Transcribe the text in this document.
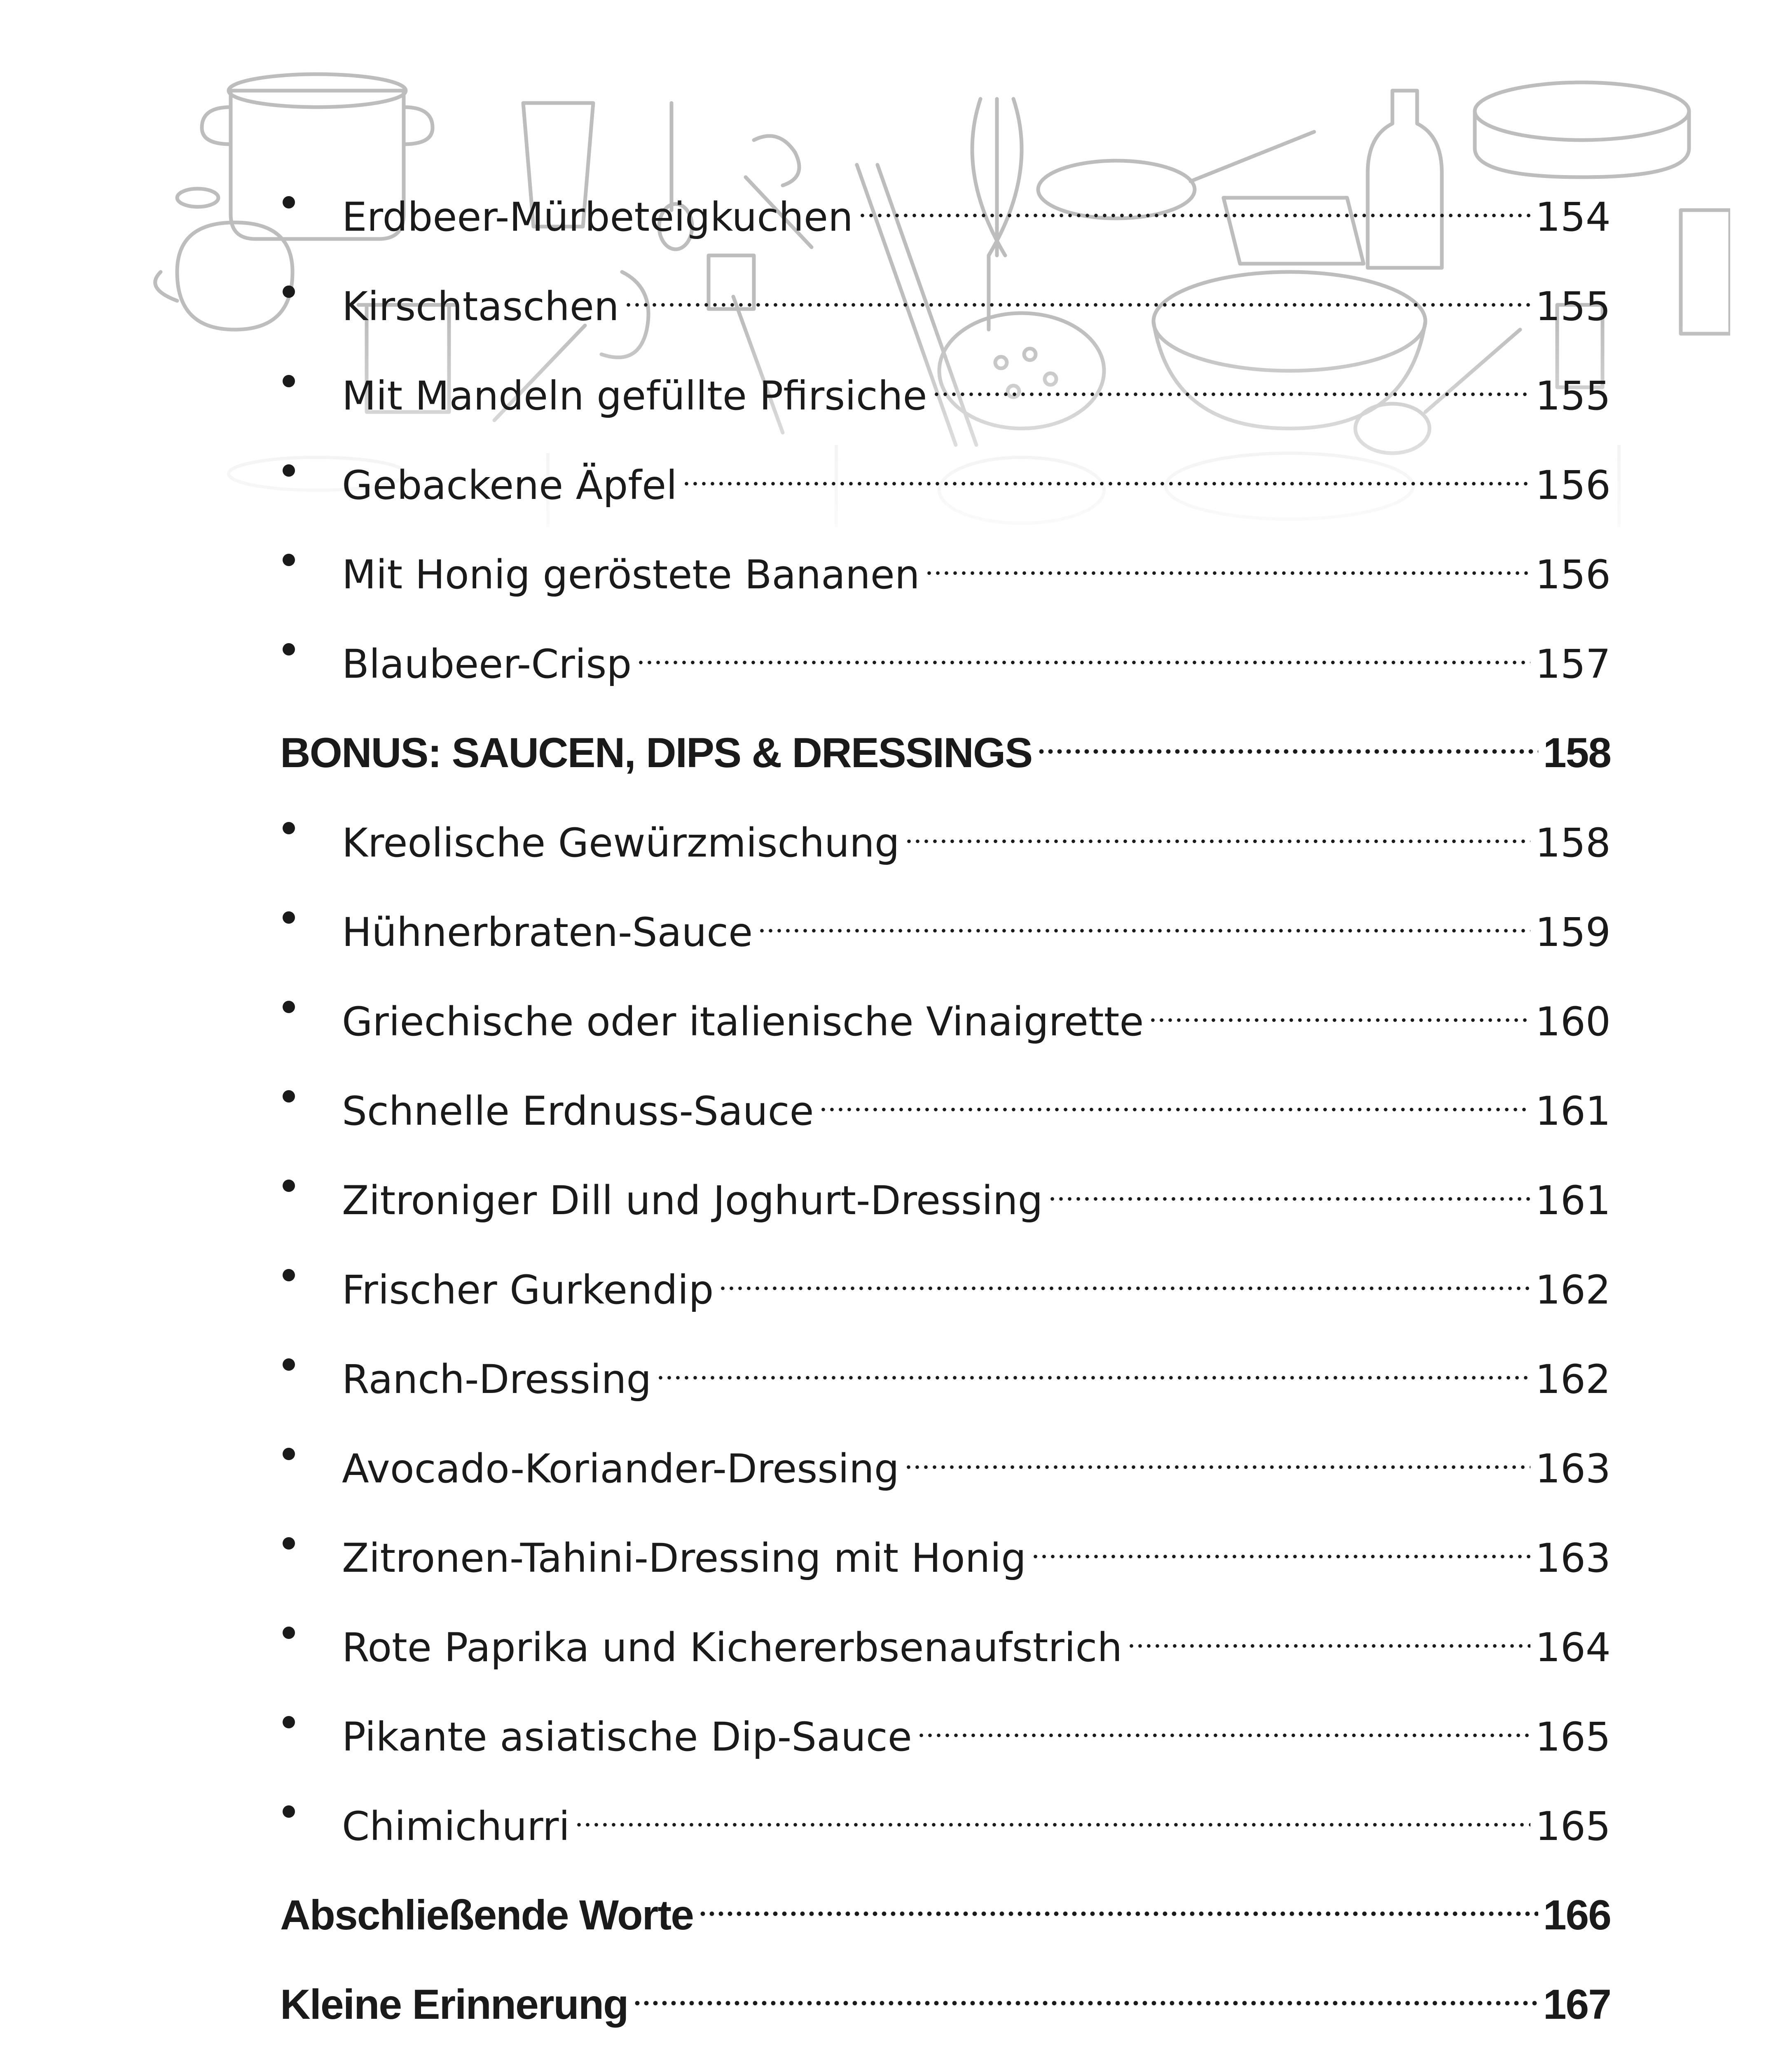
Erdbeer-Mürbeteigkuchen	154
Kirschtaschen	155
Mit Mandeln gefüllte Pfirsiche	155
Gebackene Äpfel	156
Mit Honig geröstete Bananen	156
Blaubeer-Crisp	157
BONUS: SAUCEN, DIPS & DRESSINGS	158
Kreolische Gewürzmischung	158
Hühnerbraten-Sauce	159
Griechische oder italienische Vinaigrette	160
Schnelle Erdnuss-Sauce	161
Zitroniger Dill und Joghurt-Dressing	161
Frischer Gurkendip	162
Ranch-Dressing	162
Avocado-Koriander-Dressing	163
Zitronen-Tahini-Dressing mit Honig	163
Rote Paprika und Kichererbsenaufstrich	164
Pikante asiatische Dip-Sauce	165
Chimichurri	165
Abschließende Worte	166
Kleine Erinnerung	167
